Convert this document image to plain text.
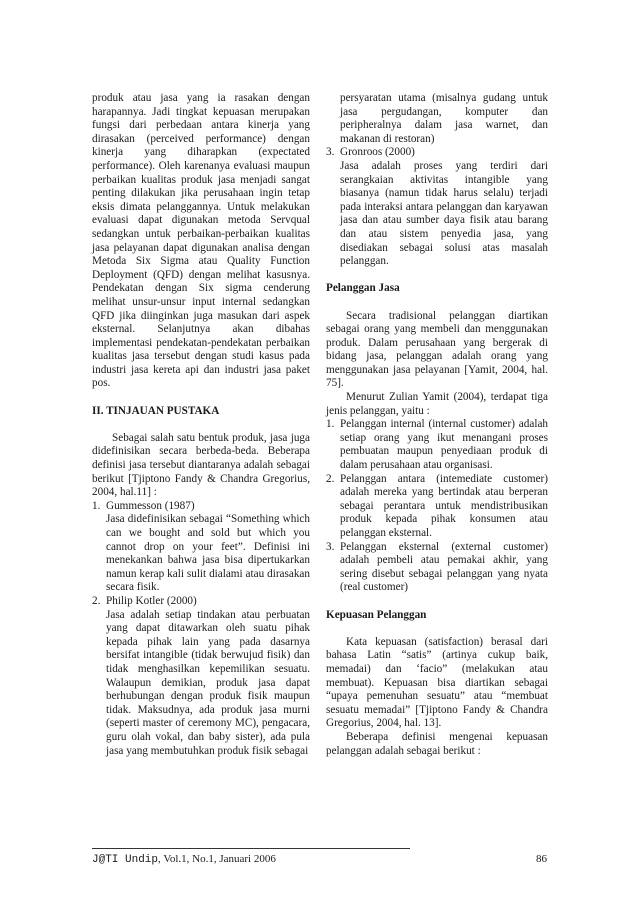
produk atau jasa yang ia rasakan dengan harapannya. Jadi tingkat kepuasan merupakan fungsi dari perbedaan antara kinerja yang dirasakan (perceived performance) dengan kinerja yang diharapkan (expectated performance). Oleh karenanya evaluasi maupun perbaikan kualitas produk jasa menjadi sangat penting dilakukan jika perusahaan ingin tetap eksis dimata pelanggannya. Untuk melakukan evaluasi dapat digunakan metoda Servqual sedangkan untuk perbaikan-perbaikan kualitas jasa pelayanan dapat digunakan analisa dengan Metoda Six Sigma atau Quality Function Deployment (QFD) dengan melihat kasusnya. Pendekatan dengan Six sigma cenderung melihat unsur-unsur input internal sedangkan QFD jika diinginkan juga masukan dari aspek eksternal. Selanjutnya akan dibahas implementasi pendekatan-pendekatan perbaikan kualitas jasa tersebut dengan studi kasus pada industri jasa kereta api dan industri jasa paket pos.

II. TINJAUAN PUSTAKA

Sebagai salah satu bentuk produk, jasa juga didefinisikan secara berbeda-beda. Beberapa definisi jasa tersebut diantaranya adalah sebagai berikut [Tjiptono Fandy & Chandra Gregorius, 2004, hal.11] :

1. Gummesson (1987)
Jasa didefinisikan sebagai “Something which can we bought and sold but which you cannot drop on your feet”. Definisi ini menekankan bahwa jasa bisa dipertukarkan namun kerap kali sulit dialami atau dirasakan secara fisik.
2. Philip Kotler (2000)
Jasa adalah setiap tindakan atau perbuatan yang dapat ditawarkan oleh suatu pihak kepada pihak lain yang pada dasarnya bersifat intangible (tidak berwujud fisik) dan tidak menghasilkan kepemilikan sesuatu. Walaupun demikian, produk jasa dapat berhubungan dengan produk fisik maupun tidak. Maksudnya, ada produk jasa murni (seperti master of ceremony MC), pengacara, guru olah vokal, dan baby sister), ada pula jasa yang membutuhkan produk fisik sebagai
persyaratan utama (misalnya gudang untuk jasa pergudangan, komputer dan peripheralnya dalam jasa warnet, dan makanan di restoran)
3. Gronroos (2000)
Jasa adalah proses yang terdiri dari serangkaian aktivitas intangible yang biasanya (namun tidak harus selalu) terjadi pada interaksi antara pelanggan dan karyawan jasa dan atau sumber daya fisik atau barang dan atau sistem penyedia jasa, yang disediakan sebagai solusi atas masalah pelanggan.

Pelanggan Jasa

Secara tradisional pelanggan diartikan sebagai orang yang membeli dan menggunakan produk. Dalam perusahaan yang bergerak di bidang jasa, pelanggan adalah orang yang menggunakan jasa pelayanan [Yamit, 2004, hal. 75].

Menurut Zulian Yamit (2004), terdapat tiga jenis pelanggan, yaitu :

1. Pelanggan internal (internal customer) adalah setiap orang yang ikut menangani proses pembuatan maupun penyediaan produk di dalam perusahaan atau organisasi.
2. Pelanggan antara (intemediate customer) adalah mereka yang bertindak atau berperan sebagai perantara untuk mendistribusikan produk kepada pihak konsumen atau pelanggan eksternal.
3. Pelanggan eksternal (external customer) adalah pembeli atau pemakai akhir, yang sering disebut sebagai pelanggan yang nyata (real customer)

Kepuasan Pelanggan

Kata kepuasan (satisfaction) berasal dari bahasa Latin “satis” (artinya cukup baik, memadai) dan ‘facio” (melakukan atau membuat). Kepuasan bisa diartikan sebagai “upaya pemenuhan sesuatu” atau “membuat sesuatu memadai” [Tjiptono Fandy & Chandra Gregorius, 2004, hal. 13].

Beberapa definisi mengenai kepuasan pelanggan adalah sebagai berikut :

J@TI Undip, Vol.1, No.1, Januari 2006	86
